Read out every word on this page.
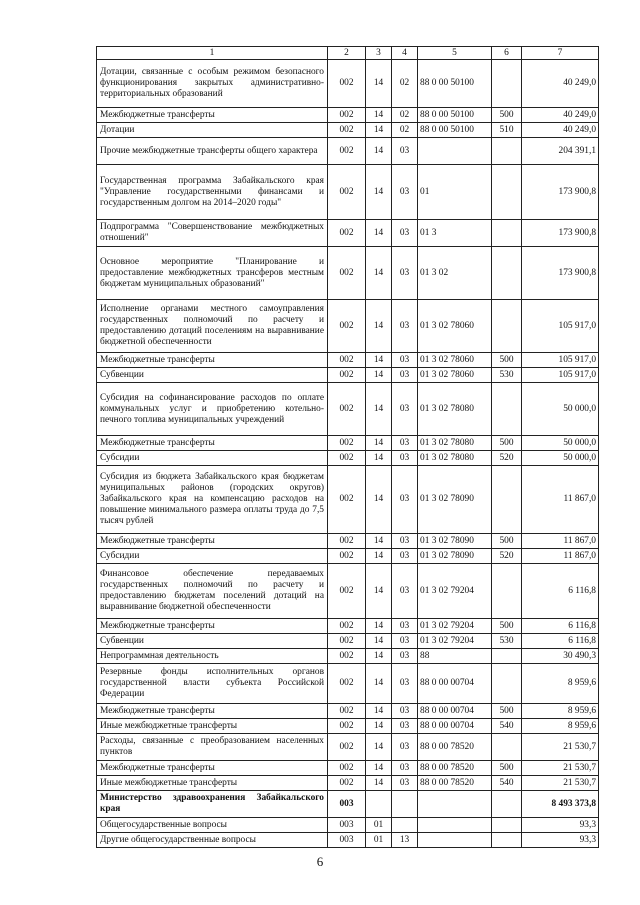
1	2	3	4	5	6	7
Дотации, связанные с особым режимом безопасного функционирования закрытых административно-территориальных образований	002	14	02	88 0 00 50100		40 249,0
Межбюджетные трансферты	002	14	02	88 0 00 50100	500	40 249,0
Дотации	002	14	02	88 0 00 50100	510	40 249,0
Прочие межбюджетные трансферты общего характера	002	14	03			204 391,1
Государственная программа Забайкальского края "Управление государственными финансами и государственным долгом на 2014–2020 годы"	002	14	03	01		173 900,8
Подпрограмма "Совершенствование межбюджетных отношений"	002	14	03	01 3		173 900,8
Основное мероприятие "Планирование и предоставление межбюджетных трансферов местным бюджетам муниципальных образований"	002	14	03	01 3 02		173 900,8
Исполнение органами местного самоуправления государственных полномочий по расчету и предоставлению дотаций поселениям на выравнивание бюджетной обеспеченности	002	14	03	01 3 02 78060		105 917,0
Межбюджетные трансферты	002	14	03	01 3 02 78060	500	105 917,0
Субвенции	002	14	03	01 3 02 78060	530	105 917,0
Субсидия на софинансирование расходов по оплате коммунальных услуг и приобретению котельно-печного топлива муниципальных учреждений	002	14	03	01 3 02 78080		50 000,0
Межбюджетные трансферты	002	14	03	01 3 02 78080	500	50 000,0
Субсидии	002	14	03	01 3 02 78080	520	50 000,0
Субсидия из бюджета Забайкальского края бюджетам муниципальных районов (городских округов) Забайкальского края на компенсацию расходов на повышение минимального размера оплаты труда до 7,5 тысяч рублей	002	14	03	01 3 02 78090		11 867,0
Межбюджетные трансферты	002	14	03	01 3 02 78090	500	11 867,0
Субсидии	002	14	03	01 3 02 78090	520	11 867,0
Финансовое обеспечение передаваемых государственных полномочий по расчету и предоставлению бюджетам поселений дотаций на выравнивание бюджетной обеспеченности	002	14	03	01 3 02 79204		6 116,8
Межбюджетные трансферты	002	14	03	01 3 02 79204	500	6 116,8
Субвенции	002	14	03	01 3 02 79204	530	6 116,8
Непрограммная деятельность	002	14	03	88		30 490,3
Резервные фонды исполнительных органов государственной власти субъекта Российской Федерации	002	14	03	88 0 00 00704		8 959,6
Межбюджетные трансферты	002	14	03	88 0 00 00704	500	8 959,6
Иные межбюджетные трансферты	002	14	03	88 0 00 00704	540	8 959,6
Расходы, связанные с преобразованием населенных пунктов	002	14	03	88 0 00 78520		21 530,7
Межбюджетные трансферты	002	14	03	88 0 00 78520	500	21 530,7
Иные межбюджетные трансферты	002	14	03	88 0 00 78520	540	21 530,7
Министерство здравоохранения Забайкальского края	003					8 493 373,8
Общегосударственные вопросы	003	01				93,3
Другие общегосударственные вопросы	003	01	13			93,3
6
